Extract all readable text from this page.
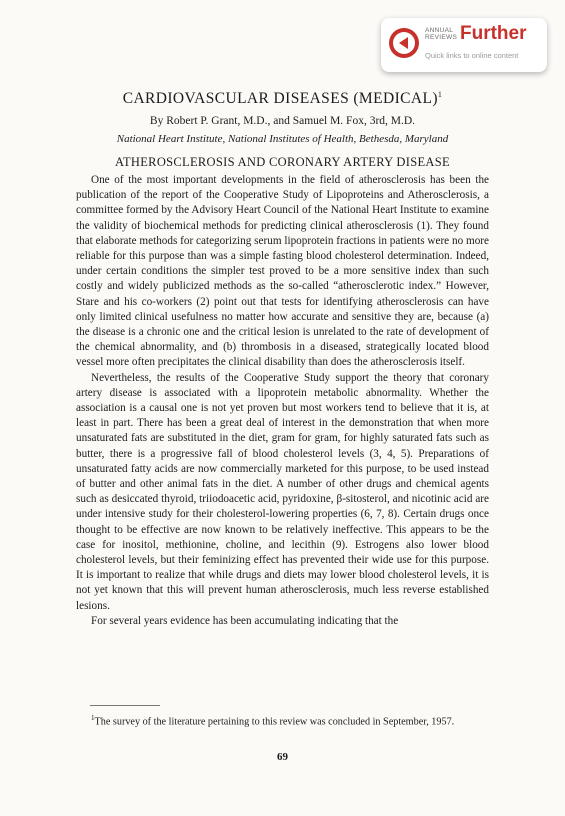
ANNUAL
REVIEWS Further
Quick links to online content
CARDIOVASCULAR DISEASES (MEDICAL)$^1$
By Robert P. Grant, M.D., and Samuel M. Fox, 3rd, M.D.
National Heart Institute, National Institutes of Health, Bethesda, Maryland
ATHEROSCLEROSIS AND CORONARY ARTERY DISEASE

One of the most important developments in the field of atherosclerosis has been the publication of the report of the Cooperative Study of Lipoproteins and Atherosclerosis, a committee formed by the Advisory Heart Council of the National Heart Institute to examine the validity of biochemical methods for predicting clinical atherosclerosis (1). They found that elaborate methods for categorizing serum lipoprotein fractions in patients were no more reliable for this purpose than was a simple fasting blood cholesterol determination. Indeed, under certain conditions the simpler test proved to be a more sensitive index than such costly and widely publicized methods as the so-called “atherosclerotic index.” However, Stare and his co-workers (2) point out that tests for identifying atherosclerosis can have only limited clinical usefulness no matter how accurate and sensitive they are, because (a) the disease is a chronic one and the critical lesion is unrelated to the rate of development of the chemical abnormality, and (b) thrombosis in a diseased, strategically located blood vessel more often precipitates the clinical disability than does the atherosclerosis itself.

Nevertheless, the results of the Cooperative Study support the theory that coronary artery disease is associated with a lipoprotein metabolic abnormality. Whether the association is a causal one is not yet proven but most workers tend to believe that it is, at least in part. There has been a great deal of interest in the demonstration that when more unsaturated fats are substituted in the diet, gram for gram, for highly saturated fats such as butter, there is a progressive fall of blood cholesterol levels (3, 4, 5). Preparations of unsaturated fatty acids are now commercially marketed for this purpose, to be used instead of butter and other animal fats in the diet. A number of other drugs and chemical agents such as desiccated thyroid, triiodoacetic acid, pyridoxine, β-sitosterol, and nicotinic acid are under intensive study for their cholesterol-lowering properties (6, 7, 8). Certain drugs once thought to be effective are now known to be relatively ineffective. This appears to be the case for inositol, methionine, choline, and lecithin (9). Estrogens also lower blood cholesterol levels, but their feminizing effect has prevented their wide use for this purpose. It is important to realize that while drugs and diets may lower blood cholesterol levels, it is not yet known that this will prevent human atherosclerosis, much less reverse established lesions.

For several years evidence has been accumulating indicating that the

$^1$The survey of the literature pertaining to this review was concluded in September, 1957.
69
